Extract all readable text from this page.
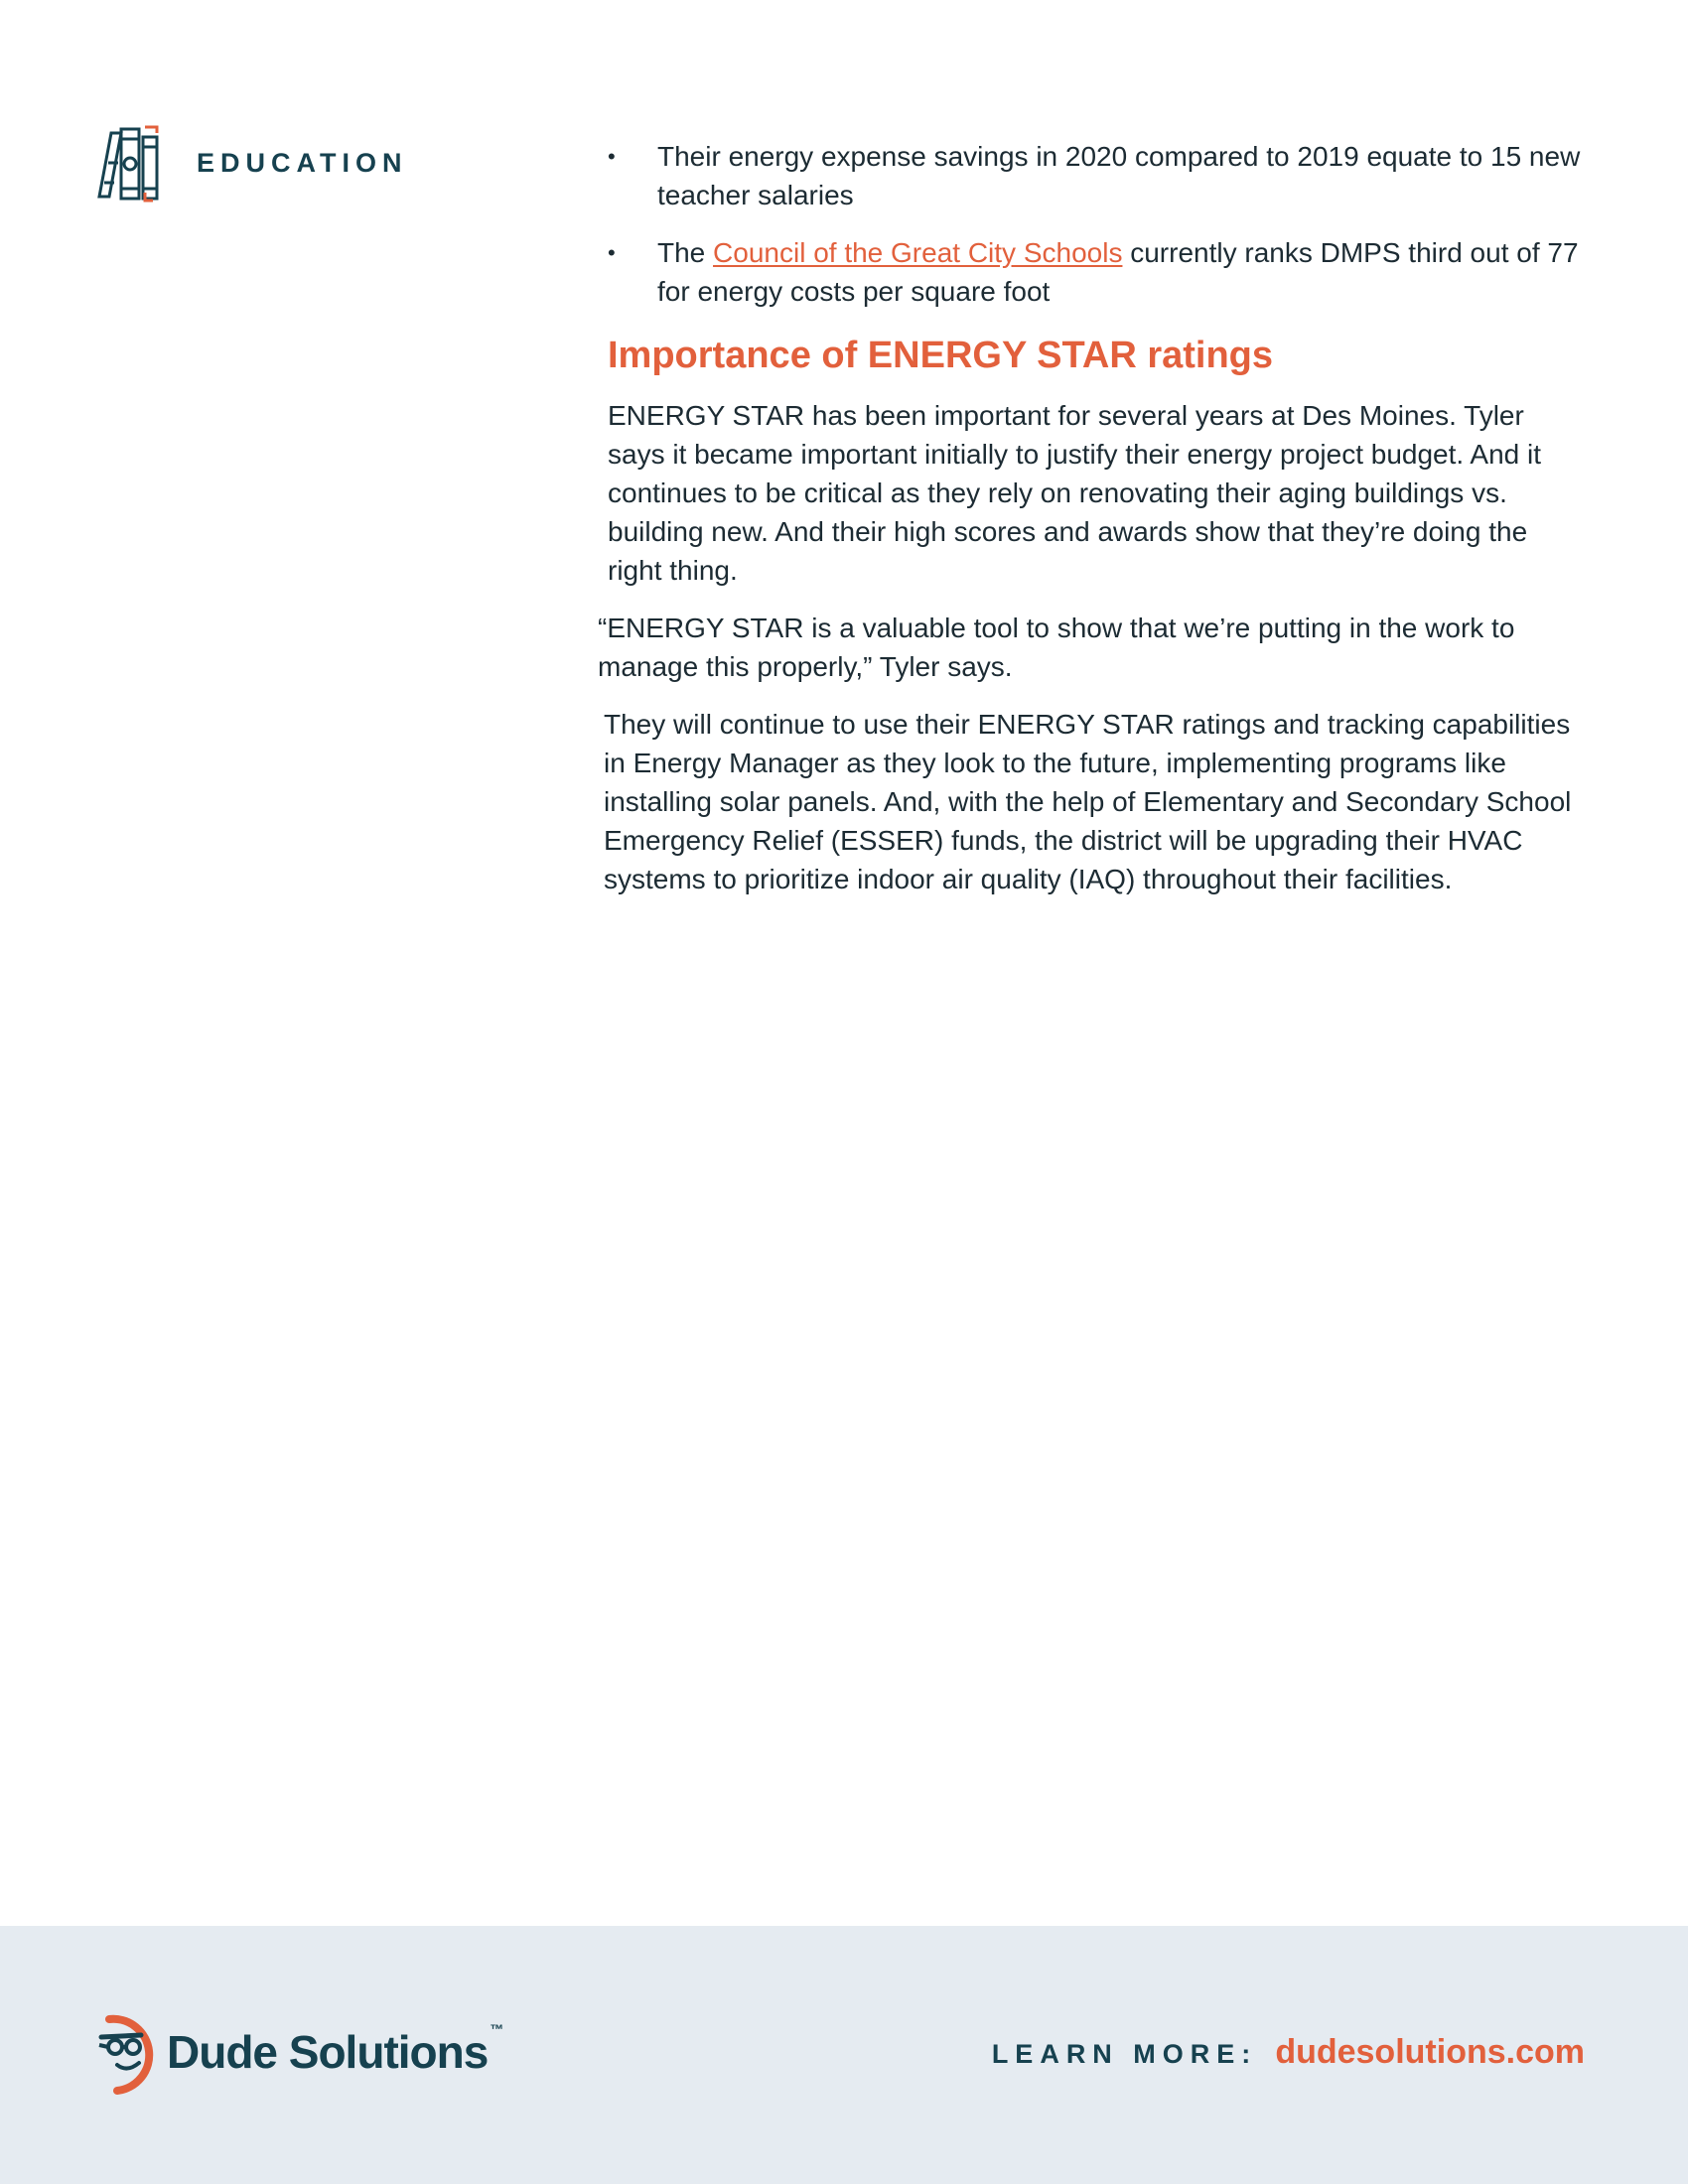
EDUCATION	• Their energy expense savings in 2020 compared to 2019 equate to 15 new teacher salaries
• The Council of the Great City Schools currently ranks DMPS third out of 77 for energy costs per square foot
Importance of ENERGY STAR ratings

ENERGY STAR has been important for several years at Des Moines. Tyler says it became important initially to justify their energy project budget. And it continues to be critical as they rely on renovating their aging buildings vs. building new. And their high scores and awards show that they’re doing the right thing.

“ENERGY STAR is a valuable tool to show that we’re putting in the work to manage this properly,” Tyler says.

They will continue to use their ENERGY STAR ratings and tracking capabilities in Energy Manager as they look to the future, implementing programs like installing solar panels. And, with the help of Elementary and Secondary School Emergency Relief (ESSER) funds, the district will be upgrading their HVAC systems to prioritize indoor air quality (IAQ) throughout their facilities.

Dude Solutions ™
LEARN MORE: dudesolutions.com
